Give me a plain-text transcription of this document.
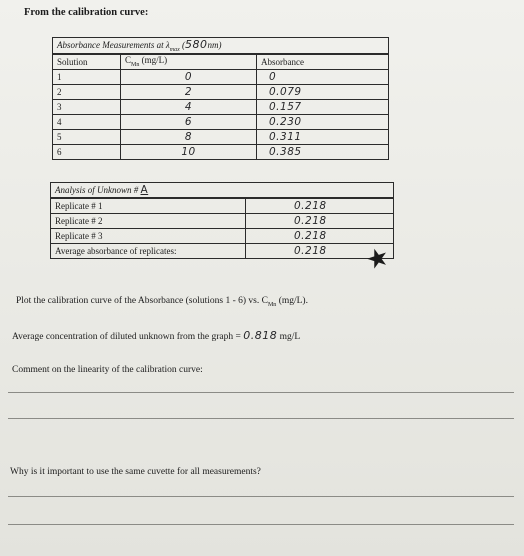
From the calibration curve:
Absorbance Measurements at $\lambda_{max}$ (580nm)		
Solution	$C_{Mn}$ (mg/L)	Absorbance
1	0	0
2	2	0.079
3	4	0.157
4	6	0.230
5	8	0.311
6	10	0.385
Analysis of Unknown # A	
Replicate # 1	0.218
Replicate # 2	0.218
Replicate # 3	0.218
Average absorbance of replicates:	0.218 ★
Plot the calibration curve of the Absorbance (solutions 1 - 6) vs. $C_{Mn}$ (mg/L).
Average concentration of diluted unknown from the graph = 0.818 mg/L
Comment on the linearity of the calibration curve:
Why is it important to use the same cuvette for all measurements?
